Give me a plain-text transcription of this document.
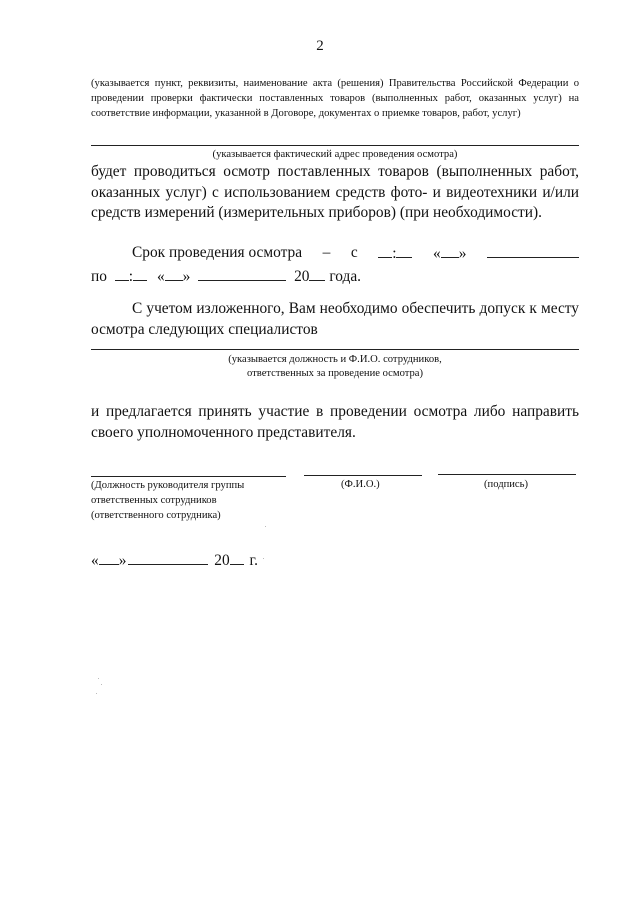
2
(указывается пункт, реквизиты, наименование акта (решения) Правительства Российской Федерации о проведении проверки фактически поставленных товаров (выполненных работ, оказанных услуг) на соответствие информации, указанной в Договоре, документах о приемке товаров, работ, услуг)
(указывается фактический адрес проведения осмотра)
будет проводиться осмотр поставленных товаров (выполненных работ, оказанных услуг) с использованием средств фото- и видеотехники и/или средств измерений (измерительных приборов) (при необходимости).
Срок проведения осмотра – с	:	« »
по : « »	20 года.
С учетом изложенного, Вам необходимо обеспечить допуск к месту осмотра следующих специалистов
(указывается должность и Ф.И.О. сотрудников,
ответственных за проведение осмотра)
и предлагается принять участие в проведении осмотра либо направить своего уполномоченного представителя.
(Должность руководителя группы
ответственных сотрудников
(ответственного сотрудника)
(Ф.И.О.)	(подпись)
« »	20 г.
